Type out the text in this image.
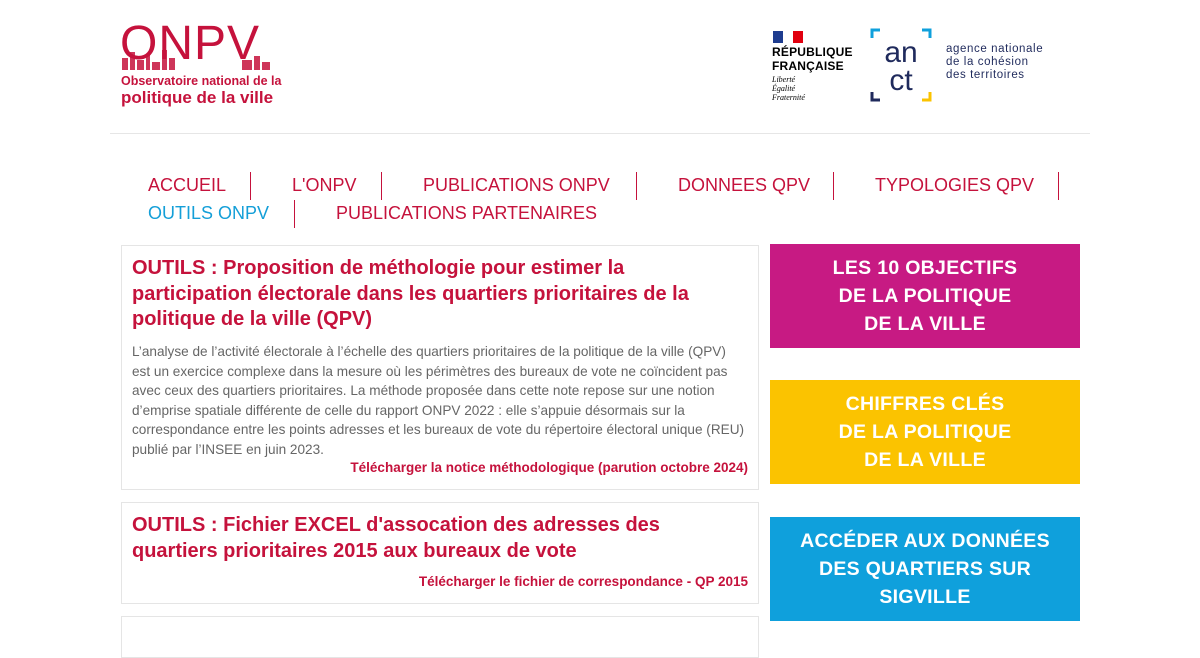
ONPV
Observatoire national de la
politique de la ville
RÉPUBLIQUE
FRANÇAISE
Liberté
Égalité
Fraternité
an
ct
agence nationale
de la cohésion
des territoires
ACCUEIL	L'ONPV	PUBLICATIONS ONPV	DONNEES QPV	TYPOLOGIES QPV
OUTILS ONPV	PUBLICATIONS PARTENAIRES
OUTILS : Proposition de méthologie pour estimer la
participation électorale dans les quartiers prioritaires de la
politique de la ville (QPV)
L’analyse de l’activité électorale à l’échelle des quartiers prioritaires de la politique de la ville (QPV)
est un exercice complexe dans la mesure où les périmètres des bureaux de vote ne coïncident pas
avec ceux des quartiers prioritaires. La méthode proposée dans cette note repose sur une notion
d’emprise spatiale différente de celle du rapport ONPV 2022 : elle s’appuie désormais sur la
correspondance entre les points adresses et les bureaux de vote du répertoire électoral unique (REU)
publié par l’INSEE en juin 2023.
Télécharger la notice méthodologique (parution octobre 2024)
OUTILS : Fichier EXCEL d'assocation des adresses des
quartiers prioritaires 2015 aux bureaux de vote
Télécharger le fichier de correspondance - QP 2015
LES 10 OBJECTIFS
DE LA POLITIQUE
DE LA VILLE
CHIFFRES CLÉS
DE LA POLITIQUE
DE LA VILLE
ACCÉDER AUX DONNÉES
DES QUARTIERS SUR
SIGVILLE
